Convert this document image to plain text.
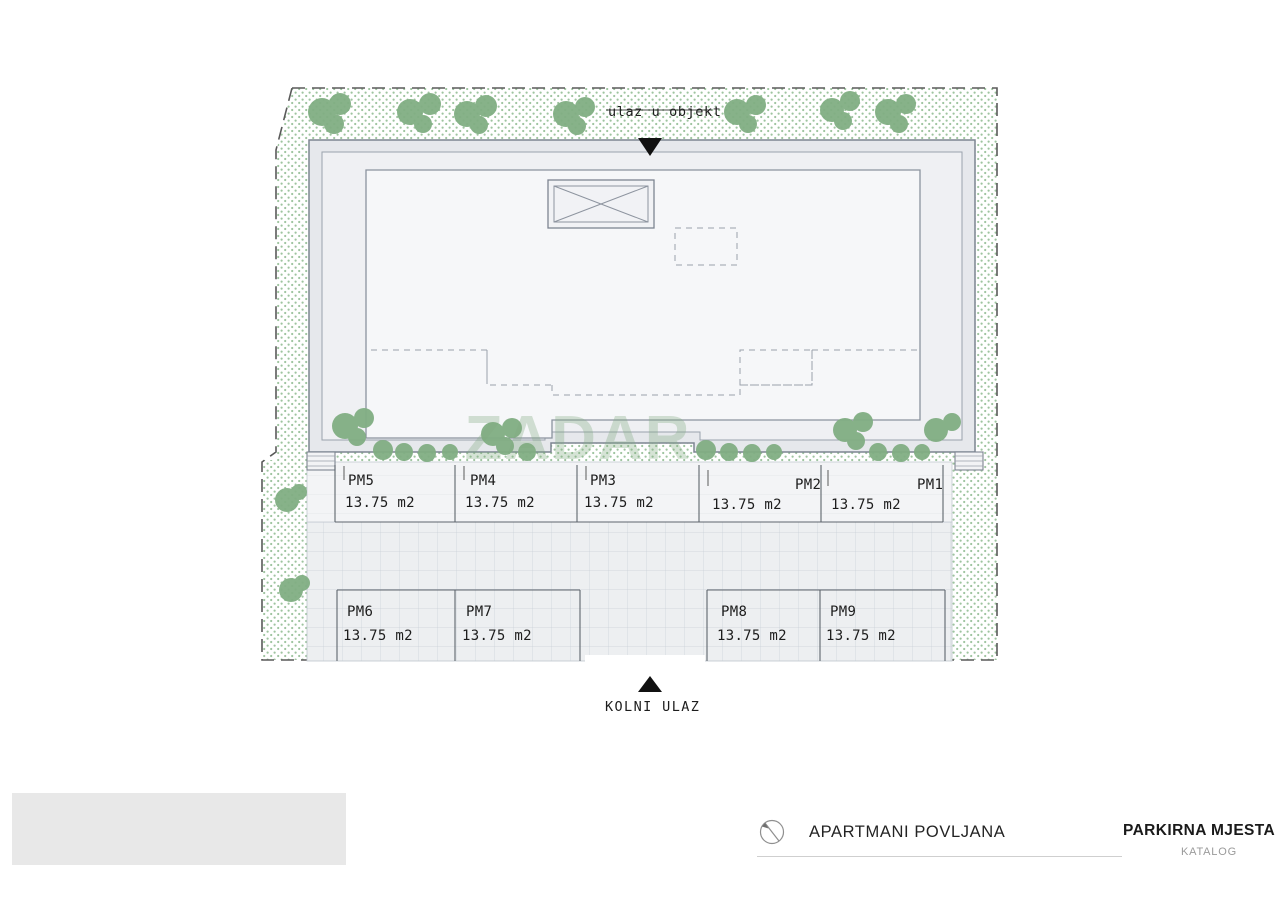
ulaz u objekt
KOLNI ULAZ
PM5
13.75 m2
PM4
13.75 m2
PM3
13.75 m2
PM2
13.75 m2
PM1
13.75 m2
PM6
13.75 m2
PM7
13.75 m2
PM8
13.75 m2
PM9
13.75 m2
ZADAR
APARTMANI POVLJANA	PARKIRNA MJESTA
KATALOG
